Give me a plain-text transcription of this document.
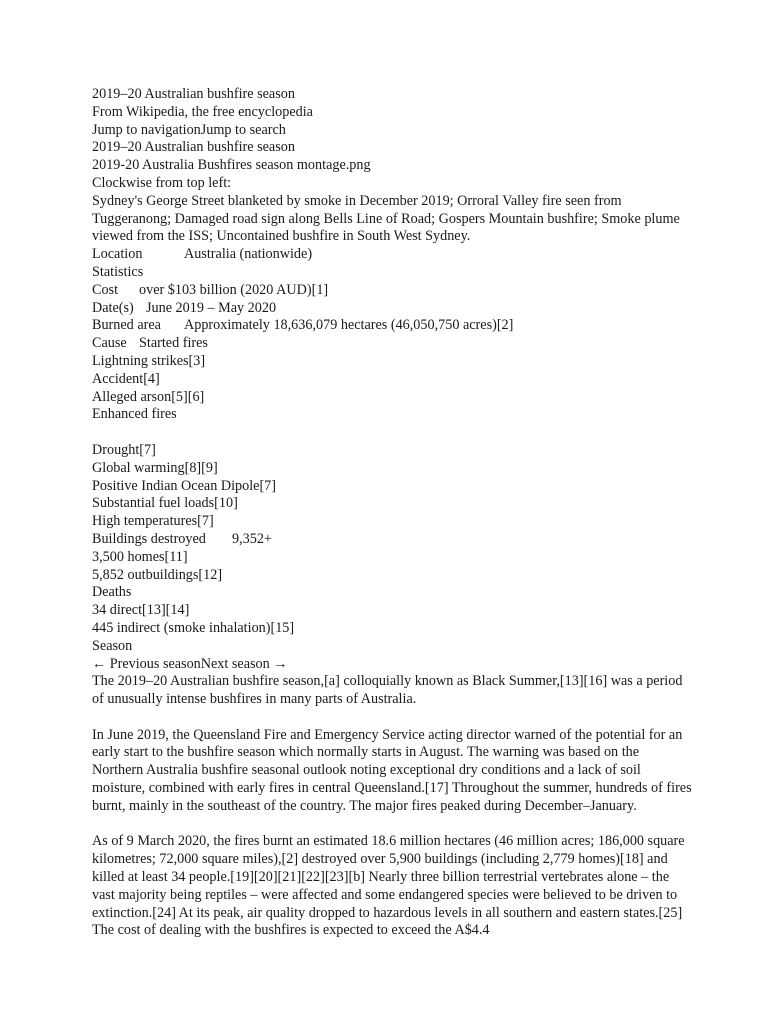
2019–20 Australian bushfire season
From Wikipedia, the free encyclopedia
Jump to navigationJump to search
2019–20 Australian bushfire season
2019-20 Australia Bushfires season montage.png
Clockwise from top left:
Sydney's George Street blanketed by smoke in December 2019; Orroral Valley fire seen from Tuggeranong; Damaged road sign along Bells Line of Road; Gospers Mountain bushfire; Smoke plume viewed from the ISS; Uncontained bushfire in South West Sydney.
Location	Australia (nationwide)
Statistics
Cost over $103 billion (2020 AUD)[1]
Date(s) June 2019 – May 2020
Burned area Approximately 18,636,079 hectares (46,050,750 acres)[2]
Cause Started fires
Lightning strikes[3]
Accident[4]
Alleged arson[5][6]
Enhanced fires
Drought[7]
Global warming[8][9]
Positive Indian Ocean Dipole[7]
Substantial fuel loads[10]
High temperatures[7]
Buildings destroyed 9,352+
3,500 homes[11]
5,852 outbuildings[12]
Deaths
34 direct[13][14]
445 indirect (smoke inhalation)[15]
Season
← Previous seasonNext season →

The 2019–20 Australian bushfire season,[a] colloquially known as Black Summer,[13][16] was a period of unusually intense bushfires in many parts of Australia.

In June 2019, the Queensland Fire and Emergency Service acting director warned of the potential for an early start to the bushfire season which normally starts in August. The warning was based on the Northern Australia bushfire seasonal outlook noting exceptional dry conditions and a lack of soil moisture, combined with early fires in central Queensland.[17] Throughout the summer, hundreds of fires burnt, mainly in the southeast of the country. The major fires peaked during December–January.

As of 9 March 2020, the fires burnt an estimated 18.6 million hectares (46 million acres; 186,000 square kilometres; 72,000 square miles),[2] destroyed over 5,900 buildings (including 2,779 homes)[18] and killed at least 34 people.[19][20][21][22][23][b] Nearly three billion terrestrial vertebrates alone – the vast majority being reptiles – were affected and some endangered species were believed to be driven to extinction.[24] At its peak, air quality dropped to hazardous levels in all southern and eastern states.[25] The cost of dealing with the bushfires is expected to exceed the A$4.4
